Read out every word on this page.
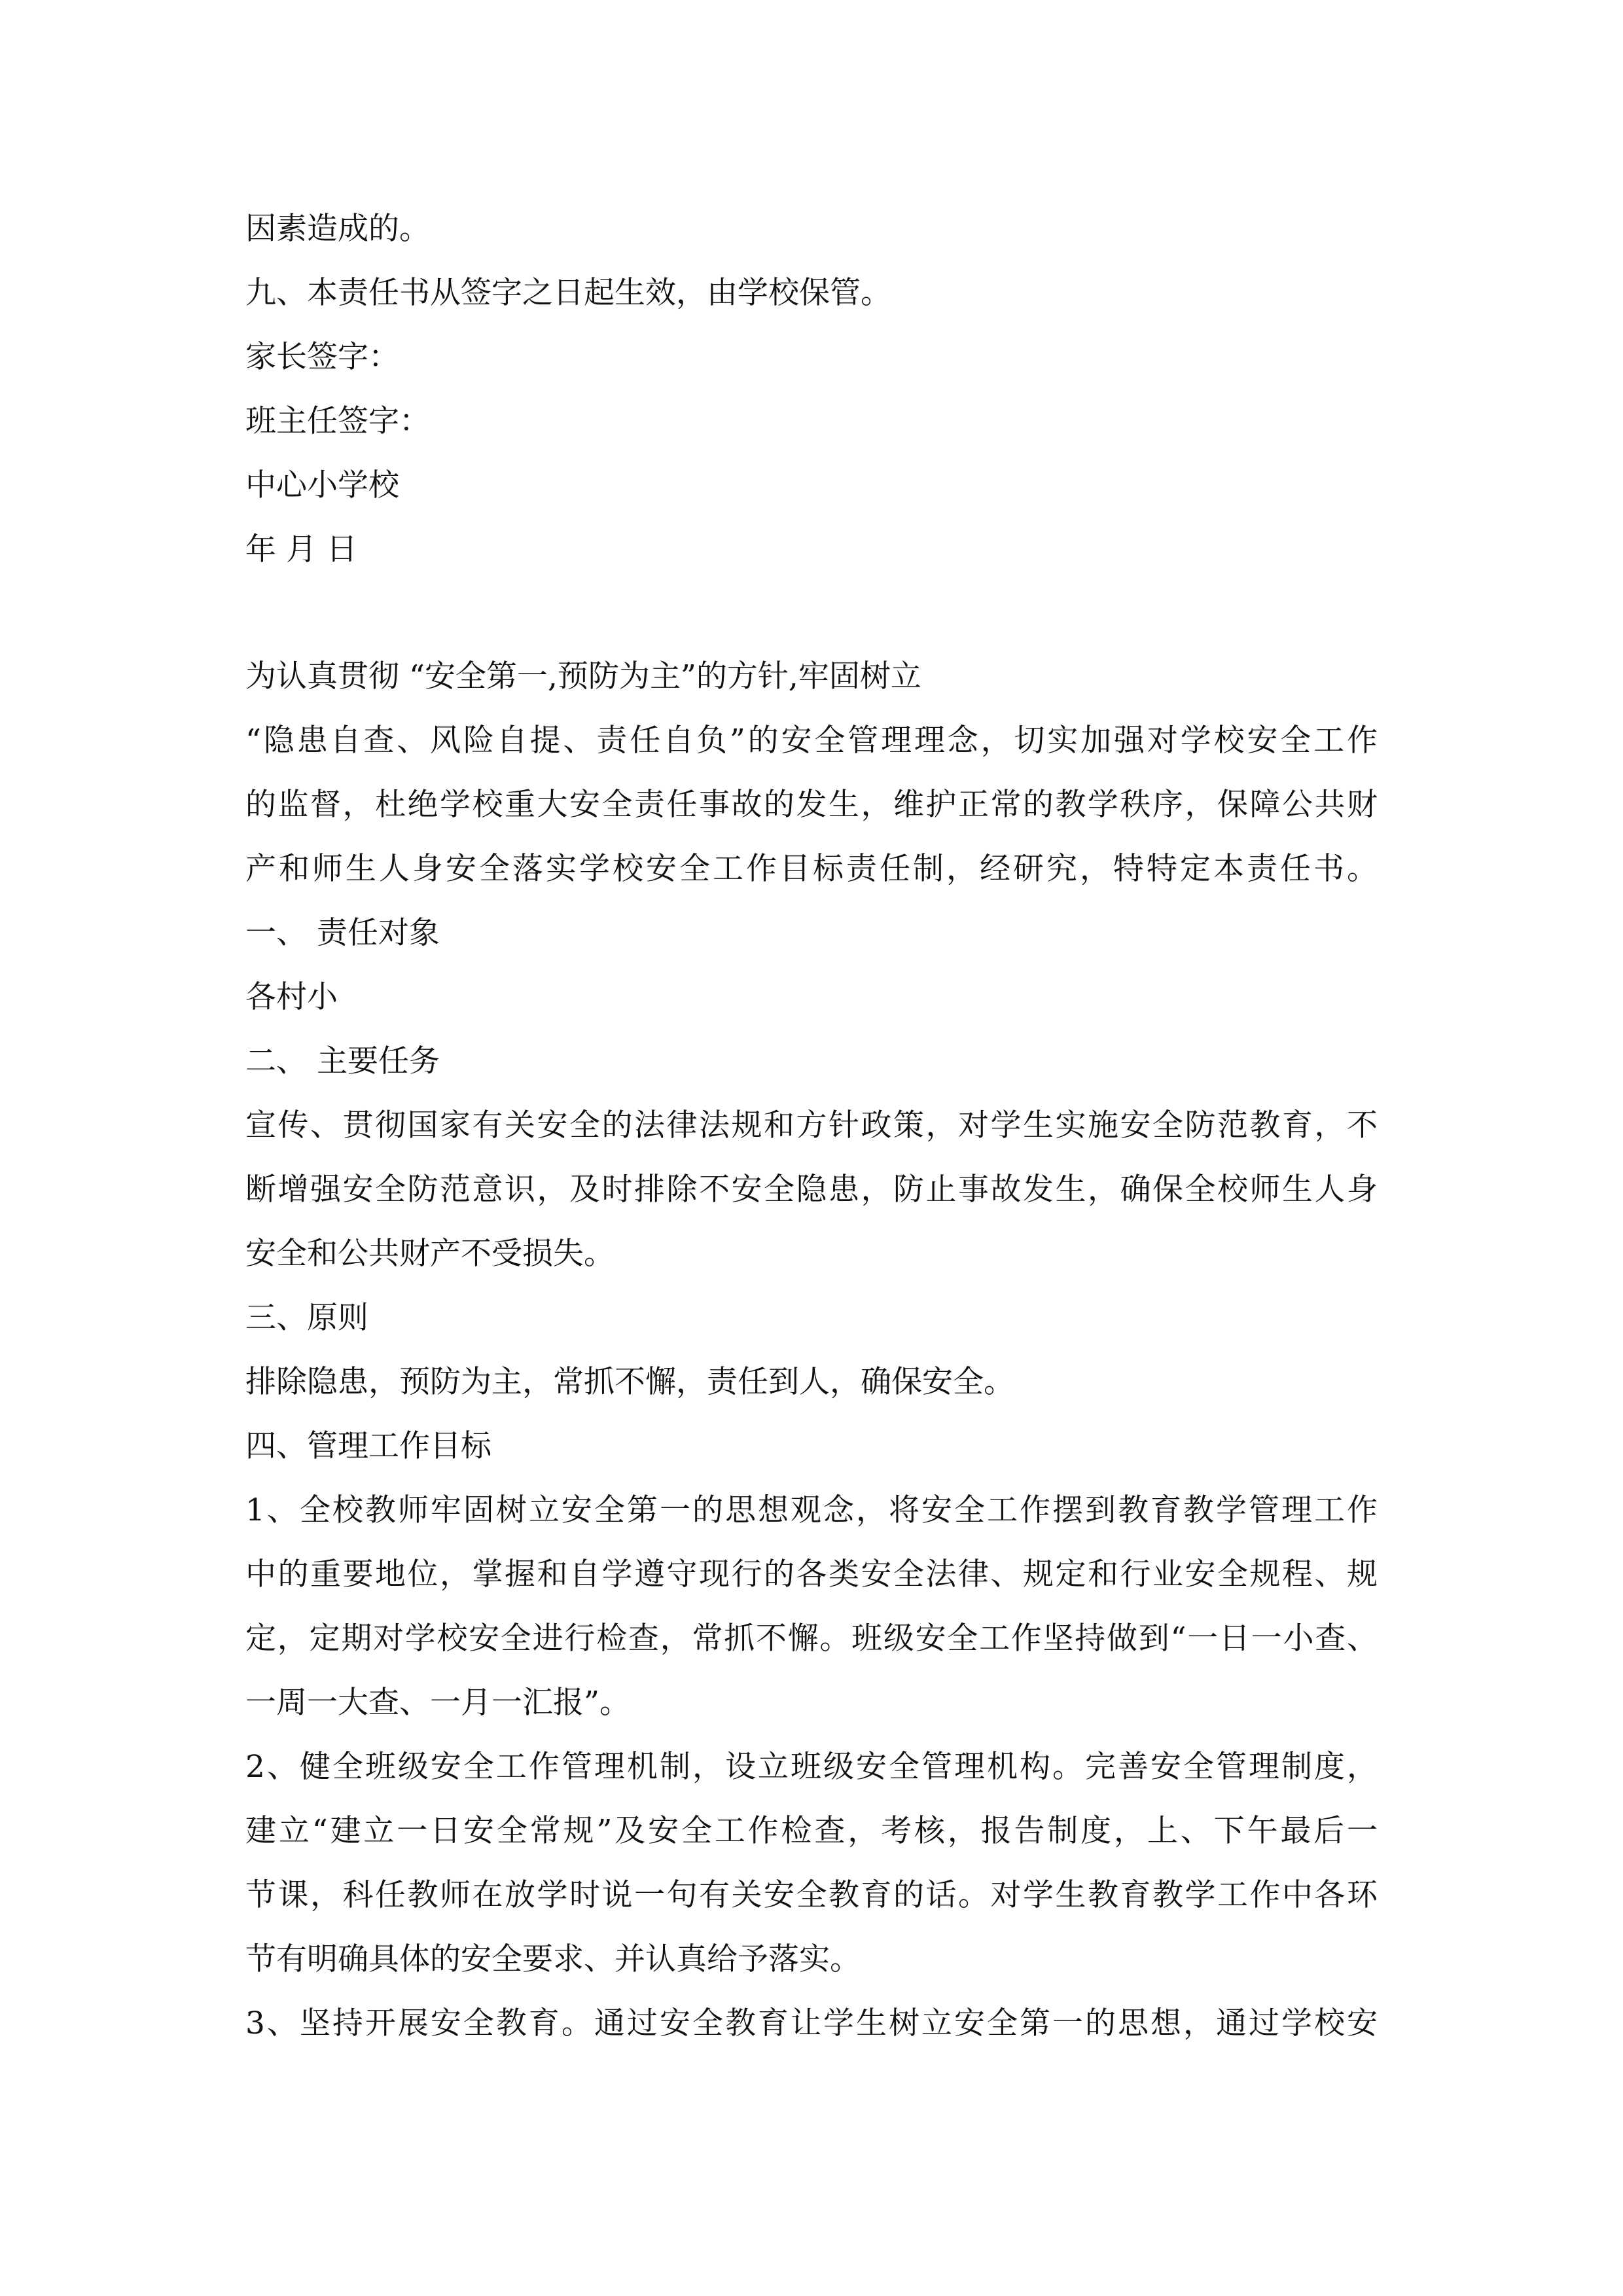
因素造成的。
九、本责任书从签字之日起生效，由学校保管。
家长签字：
班主任签字：
中心小学校
年 月 日
为认真贯彻 “安全第一,预防为主”的方针,牢固树立
“隐患自查、风险自提、责任自负”的安全管理理念，切实加强对学校安全工作
的监督，杜绝学校重大安全责任事故的发生，维护正常的教学秩序，保障公共财
产和师生人身安全落实学校安全工作目标责任制，经研究，特特定本责任书。
一、 责任对象
各村小
二、 主要任务
宣传、贯彻国家有关安全的法律法规和方针政策，对学生实施安全防范教育，不
断增强安全防范意识，及时排除不安全隐患，防止事故发生，确保全校师生人身
安全和公共财产不受损失。
三、原则
排除隐患，预防为主，常抓不懈，责任到人，确保安全。
四、管理工作目标
1、全校教师牢固树立安全第一的思想观念，将安全工作摆到教育教学管理工作
中的重要地位，掌握和自学遵守现行的各类安全法律、规定和行业安全规程、规
定，定期对学校安全进行检查，常抓不懈。班级安全工作坚持做到“一日一小查、
一周一大查、一月一汇报”。
2、健全班级安全工作管理机制，设立班级安全管理机构。完善安全管理制度，
建立“建立一日安全常规”及安全工作检查，考核，报告制度，上、下午最后一
节课，科任教师在放学时说一句有关安全教育的话。对学生教育教学工作中各环
节有明确具体的安全要求、并认真给予落实。
3、坚持开展安全教育。通过安全教育让学生树立安全第一的思想，通过学校安
